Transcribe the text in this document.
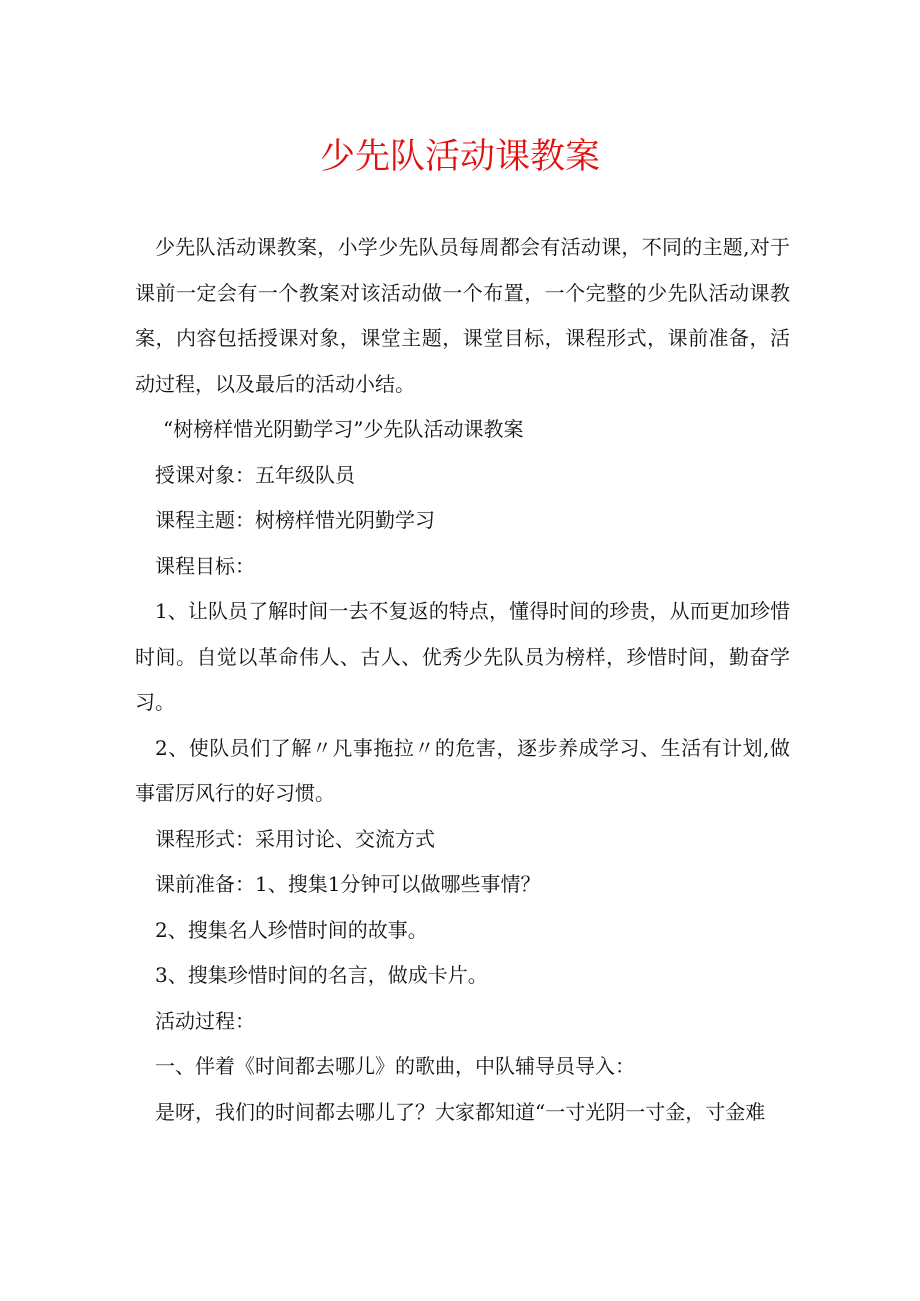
少先队活动课教案

少先队活动课教案，小学少先队员每周都会有活动课，不同的主题,对于课前一定会有一个教案对该活动做一个布置，一个完整的少先队活动课教案，内容包括授课对象，课堂主题，课堂目标，课程形式，课前准备，活动过程，以及最后的活动小结。

“树榜样惜光阴勤学习”少先队活动课教案

授课对象：五年级队员

课程主题：树榜样惜光阴勤学习

课程目标：

1、让队员了解时间一去不复返的特点，懂得时间的珍贵，从而更加珍惜时间。自觉以革命伟人、古人、优秀少先队员为榜样，珍惜时间，勤奋学习。

2、使队员们了解〃凡事拖拉〃的危害，逐步养成学习、生活有计划,做事雷厉风行的好习惯。

课程形式：采用讨论、交流方式

课前准备：1、搜集1分钟可以做哪些事情？

2、搜集名人珍惜时间的故事。

3、搜集珍惜时间的名言，做成卡片。

活动过程：

一、伴着《时间都去哪儿》的歌曲，中队辅导员导入：

是呀，我们的时间都去哪儿了？大家都知道“一寸光阴一寸金，寸金难
